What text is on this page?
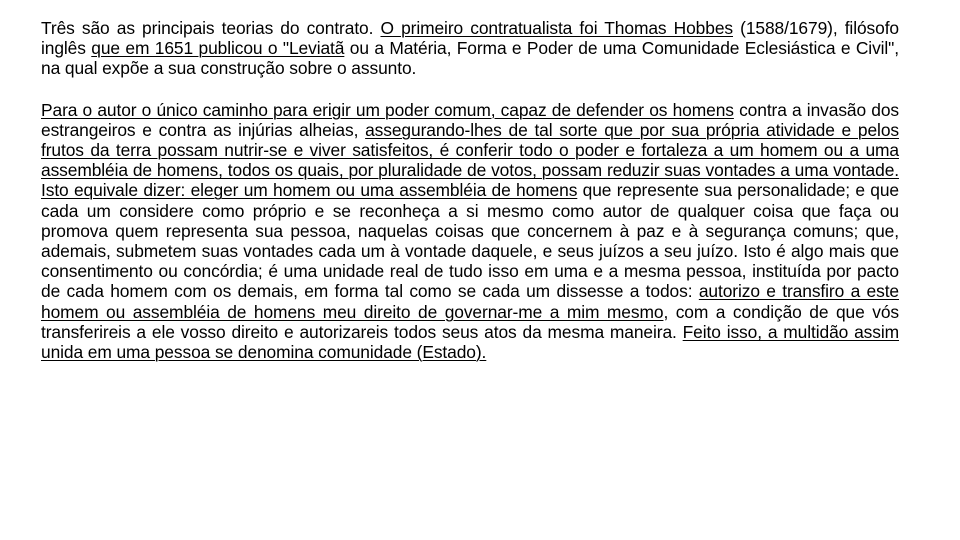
Três são as principais teorias do contrato. O primeiro contratualista foi Thomas Hobbes (1588/1679), filósofo inglês que em 1651 publicou o "Leviatã ou a Matéria, Forma e Poder de uma Comunidade Eclesiástica e Civil", na qual expõe a sua construção sobre o assunto.

Para o autor o único caminho para erigir um poder comum, capaz de defender os homens contra a invasão dos estrangeiros e contra as injúrias alheias, assegurando-lhes de tal sorte que por sua própria atividade e pelos frutos da terra possam nutrir-se e viver satisfeitos, é conferir todo o poder e fortaleza a um homem ou a uma assembléia de homens, todos os quais, por pluralidade de votos, possam reduzir suas vontades a uma vontade. Isto equivale dizer: eleger um homem ou uma assembléia de homens que represente sua personalidade; e que cada um considere como próprio e se reconheça a si mesmo como autor de qualquer coisa que faça ou promova quem representa sua pessoa, naquelas coisas que concernem à paz e à segurança comuns; que, ademais, submetem suas vontades cada um à vontade daquele, e seus juízos a seu juízo. Isto é algo mais que consentimento ou concórdia; é uma unidade real de tudo isso em uma e a mesma pessoa, instituída por pacto de cada homem com os demais, em forma tal como se cada um dissesse a todos: autorizo e transfiro a este homem ou assembléia de homens meu direito de governar-me a mim mesmo, com a condição de que vós transferireis a ele vosso direito e autorizareis todos seus atos da mesma maneira. Feito isso, a multidão assim unida em uma pessoa se denomina comunidade (Estado).
